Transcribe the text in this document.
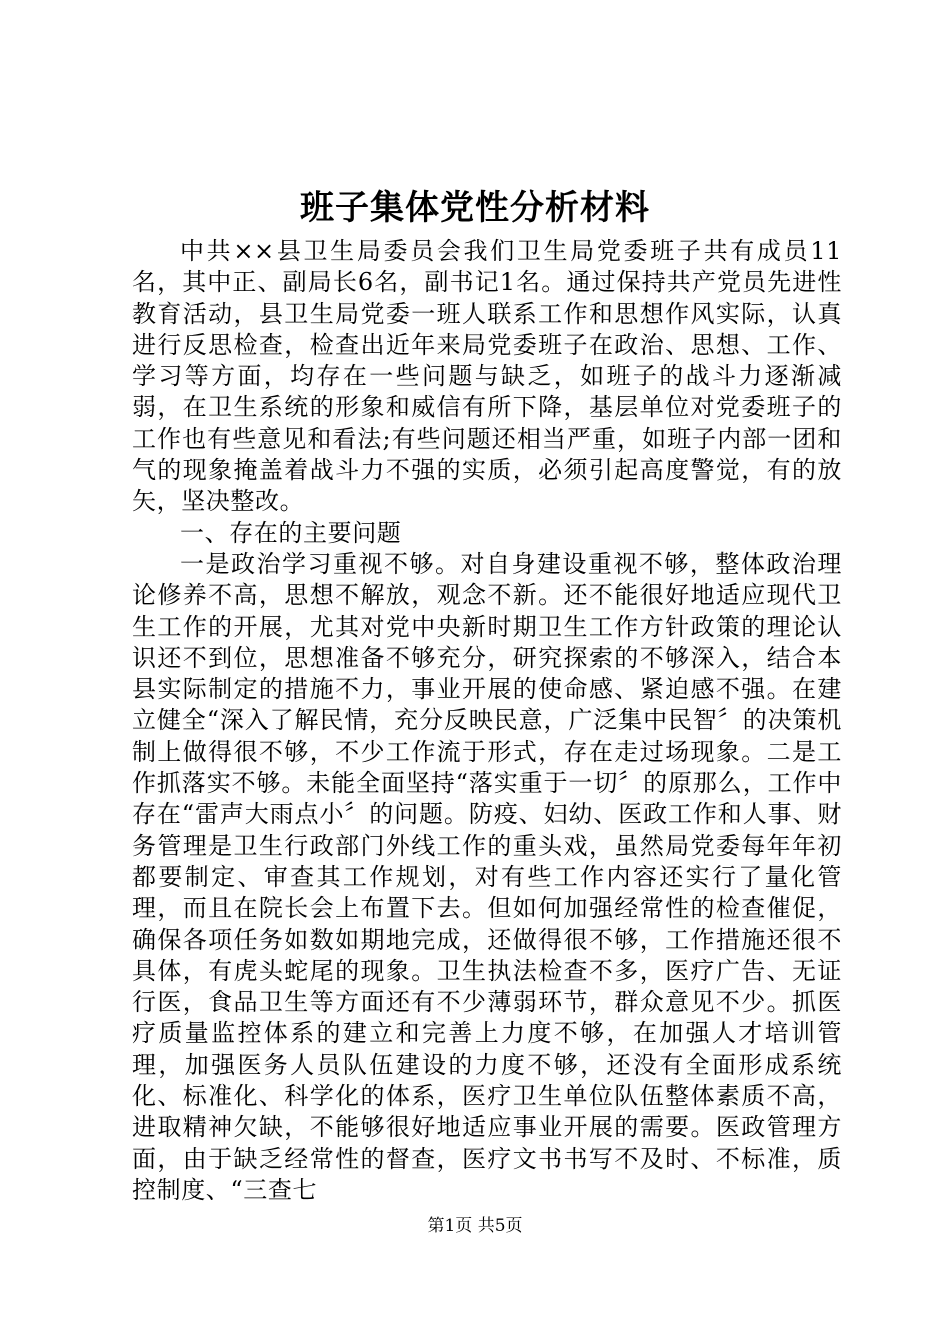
班子集体党性分析材料

中共××县卫生局委员会我们卫生局党委班子共有成员11名，其中正、副局长6名，副书记1名。通过保持共产党员先进性教育活动，县卫生局党委一班人联系工作和思想作风实际，认真进行反思检查，检查出近年来局党委班子在政治、思想、工作、学习等方面，均存在一些问题与缺乏，如班子的战斗力逐渐减弱，在卫生系统的形象和威信有所下降，基层单位对党委班子的工作也有些意见和看法;有些问题还相当严重，如班子内部一团和气的现象掩盖着战斗力不强的实质，必须引起高度警觉，有的放矢，坚决整改。

一、存在的主要问题

一是政治学习重视不够。对自身建设重视不够，整体政治理论修养不高，思想不解放，观念不新。还不能很好地适应现代卫生工作的开展，尤其对党中央新时期卫生工作方针政策的理论认识还不到位，思想准备不够充分，研究探索的不够深入，结合本县实际制定的措施不力，事业开展的使命感、紧迫感不强。在建立健全“深入了解民情，充分反映民意，广泛集中民智〞的决策机制上做得很不够，不少工作流于形式，存在走过场现象。二是工作抓落实不够。未能全面坚持“落实重于一切〞的原那么，工作中存在“雷声大雨点小〞的问题。防疫、妇幼、医政工作和人事、财务管理是卫生行政部门外线工作的重头戏，虽然局党委每年年初都要制定、审查其工作规划，对有些工作内容还实行了量化管理，而且在院长会上布置下去。但如何加强经常性的检查催促，确保各项任务如数如期地完成，还做得很不够，工作措施还很不具体，有虎头蛇尾的现象。卫生执法检查不多，医疗广告、无证行医，食品卫生等方面还有不少薄弱环节，群众意见不少。抓医疗质量监控体系的建立和完善上力度不够，在加强人才培训管理，加强医务人员队伍建设的力度不够，还没有全面形成系统化、标准化、科学化的体系，医疗卫生单位队伍整体素质不高，进取精神欠缺，不能够很好地适应事业开展的需要。医政管理方面，由于缺乏经常性的督查，医疗文书书写不及时、不标准，质控制度、“三查七

第1页 共5页
